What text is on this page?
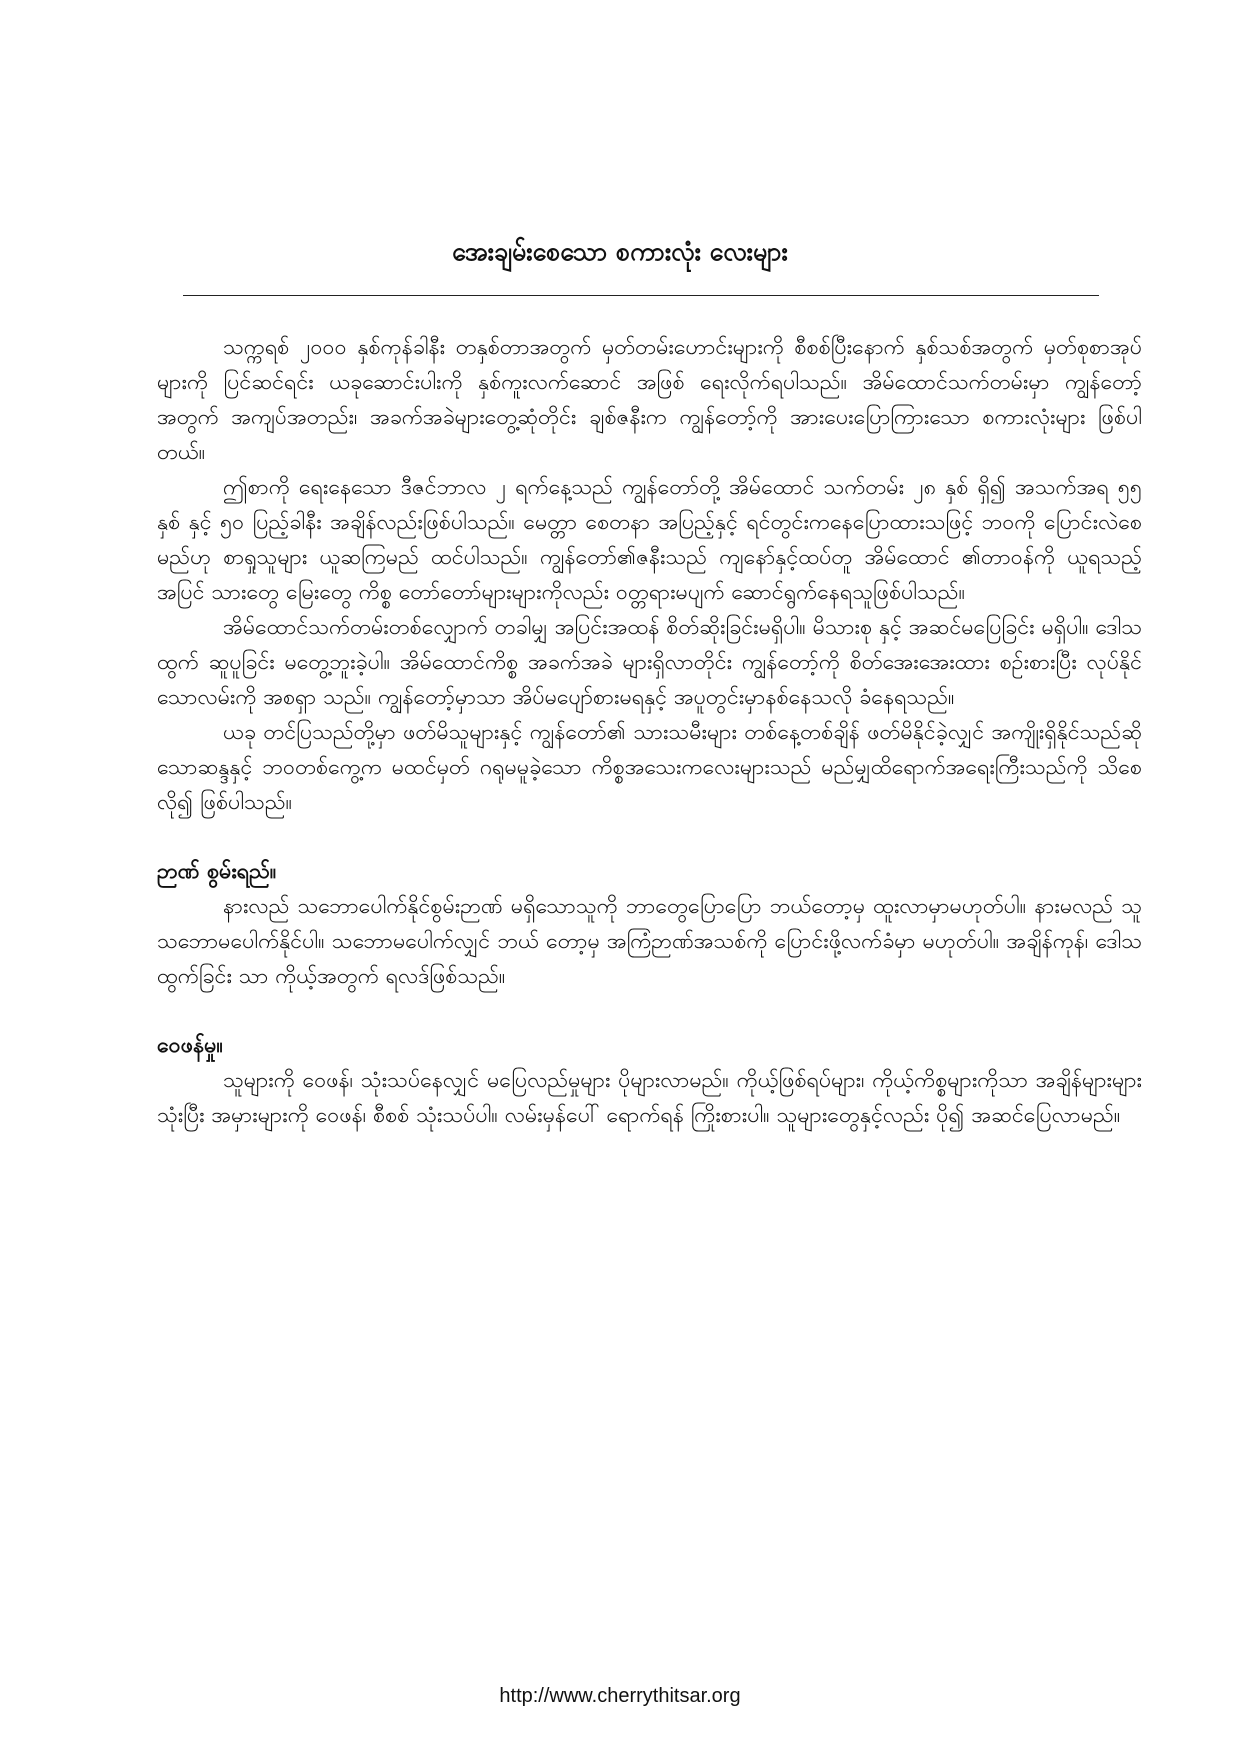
အေးချမ်းစေသော စကားလုံး လေးများ

သက္ကရစ် ၂၀၀၀ နှစ်ကုန်ခါနီး တနှစ်တာအတွက် မှတ်တမ်းဟောင်းများကို စီစစ်ပြီးနောက် နှစ်သစ်အတွက် မှတ်စုစာအုပ်များကို ပြင်ဆင်ရင်း ယခုဆောင်းပါးကို နှစ်ကူးလက်ဆောင် အဖြစ် ရေးလိုက်ရပါသည်။ အိမ်ထောင်သက်တမ်းမှာ ကျွန်တော့်အတွက် အကျပ်အတည်း၊ အခက်အခဲများတွေ့ဆုံတိုင်း ချစ်ဇနီးက ကျွန်တော့်ကို အားပေးပြောကြားသော စကားလုံးများ ဖြစ်ပါတယ်။

ဤစာကို ရေးနေသော ဒီဇင်ဘာလ ၂ ရက်နေ့သည် ကျွန်တော်တို့ အိမ်ထောင် သက်တမ်း ၂၈ နှစ် ရှိ၍ အသက်အရ ၅၅ နှစ် နှင့် ၅၀ ပြည့်ခါနီး အချိန်လည်းဖြစ်ပါသည်။ မေတ္တာ စေတနာ အပြည့်နှင့် ရင်တွင်းကနေပြောထားသဖြင့် ဘဝကို ပြောင်းလဲစေမည်ဟု စာရှုသူများ ယူဆကြမည် ထင်ပါသည်။ ကျွန်တော်၏ဇနီးသည် ကျနော်နှင့်ထပ်တူ အိမ်ထောင် ၏တာဝန်ကို ယူရသည့်အပြင် သားတွေ မြေးတွေ ကိစ္စ တော်တော်များများကိုလည်း ဝတ္တရားမပျက် ဆောင်ရွက်နေရသူဖြစ်ပါသည်။

အိမ်ထောင်သက်တမ်းတစ်လျှောက် တခါမျှ အပြင်းအထန် စိတ်ဆိုးခြင်းမရှိပါ။ မိသားစု နှင့် အဆင်မပြေခြင်း မရှိပါ။ ဒေါသထွက် ဆူပူခြင်း မတွေ့ဘူးခဲ့ပါ။ အိမ်ထောင်ကိစ္စ အခက်အခဲ များရှိလာတိုင်း ကျွန်တော့်ကို စိတ်အေးအေးထား စဉ်းစားပြီး လုပ်နိုင်သောလမ်းကို အစရှာ သည်။ ကျွန်တော့်မှာသာ အိပ်မပျော်စားမရနှင့် အပူတွင်းမှာနစ်နေသလို ခံနေရသည်။

ယခု တင်ပြသည်တို့မှာ ဖတ်မိသူများနှင့် ကျွန်တော်၏ သားသမီးများ တစ်နေ့တစ်ချိန် ဖတ်မိနိုင်ခဲ့လျှင် အကျိုးရှိနိုင်သည်ဆိုသောဆန္ဒနှင့် ဘဝတစ်ကွေ့က မထင်မှတ် ဂရုမမူခဲ့သော ကိစ္စအသေးကလေးများသည် မည်မျှထိရောက်အရေးကြီးသည်ကို သိစေလို၍ ဖြစ်ပါသည်။

ဉာဏ် စွမ်းရည်။

နားလည် သဘောပေါက်နိုင်စွမ်းဉာဏ် မရှိသောသူကို ဘာတွေပြောပြော ဘယ်တော့မှ ထူးလာမှာမဟုတ်ပါ။ နားမလည် သူ သဘောမပေါက်နိုင်ပါ။ သဘောမပေါက်လျှင် ဘယ် တော့မှ အကြံဉာဏ်အသစ်ကို ပြောင်းဖို့လက်ခံမှာ မဟုတ်ပါ။ အချိန်ကုန်၊ ဒေါသထွက်ခြင်း သာ ကိုယ့်အတွက် ရလဒ်ဖြစ်သည်။

ဝေဖန်မှု။

သူများကို ဝေဖန်၊ သုံးသပ်နေလျှင် မပြေလည်မှုများ ပိုများလာမည်။ ကိုယ့်ဖြစ်ရပ်များ၊ ကိုယ့်ကိစ္စများကိုသာ အချိန်များများသုံးပြီး အမှားများကို ဝေဖန်၊ စီစစ် သုံးသပ်ပါ။ လမ်းမှန်ပေါ် ရောက်ရန် ကြိုးစားပါ။ သူများတွေနှင့်လည်း ပို၍ အဆင်ပြေလာမည်။

http://www.cherrythitsar.org
